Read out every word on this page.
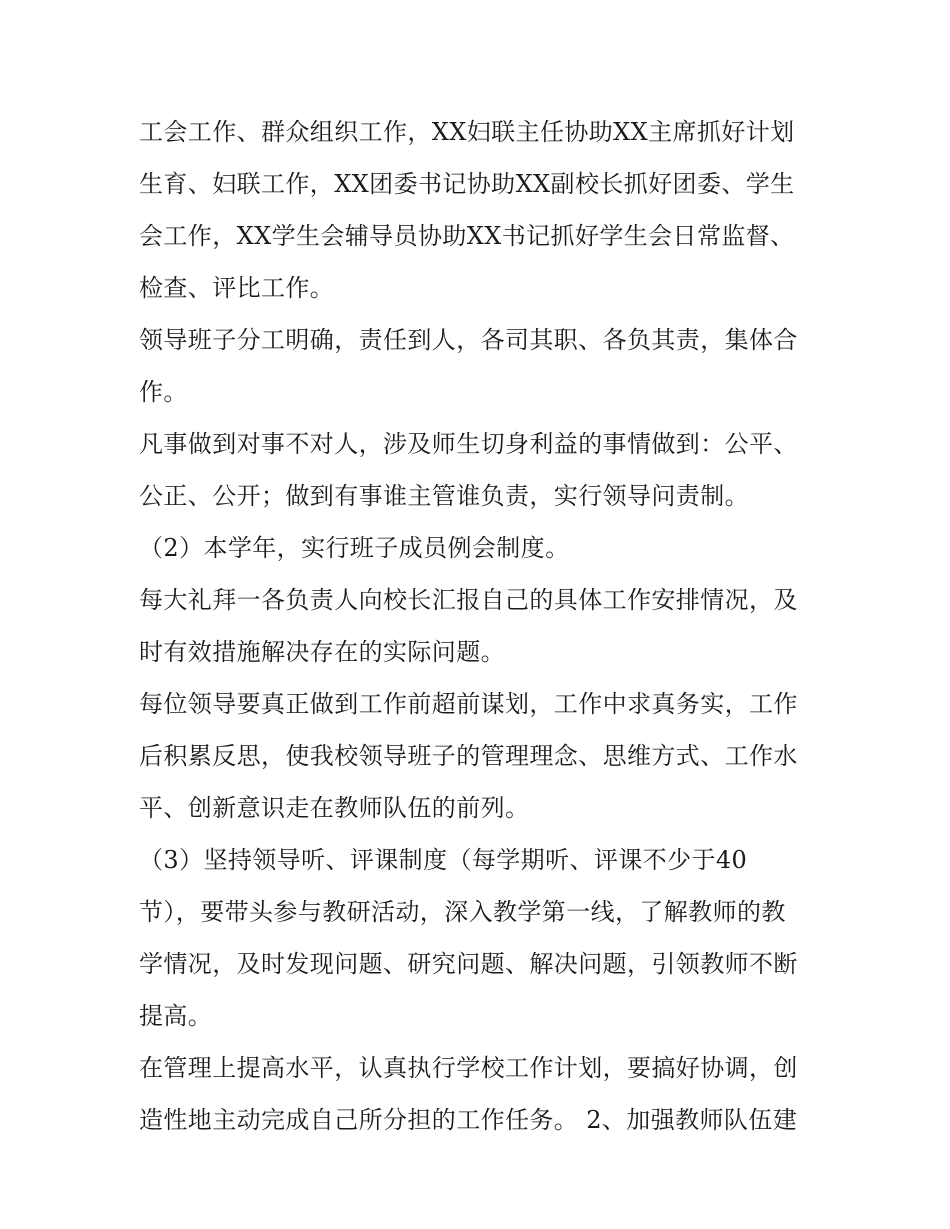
工会工作、群众组织工作，XX妇联主任协助XX主席抓好计划
生育、妇联工作，XX团委书记协助XX副校长抓好团委、学生
会工作，XX学生会辅导员协助XX书记抓好学生会日常监督、
检查、评比工作。
领导班子分工明确，责任到人，各司其职、各负其责，集体合
作。
凡事做到对事不对人，涉及师生切身利益的事情做到：公平、
公正、公开；做到有事谁主管谁负责，实行领导问责制。
（2）本学年，实行班子成员例会制度。
每大礼拜一各负责人向校长汇报自己的具体工作安排情况，及
时有效措施解决存在的实际问题。
每位领导要真正做到工作前超前谋划，工作中求真务实，工作
后积累反思，使我校领导班子的管理理念、思维方式、工作水
平、创新意识走在教师队伍的前列。
（3）坚持领导听、评课制度（每学期听、评课不少于40
节），要带头参与教研活动，深入教学第一线，了解教师的教
学情况，及时发现问题、研究问题、解决问题，引领教师不断
提高。
在管理上提高水平，认真执行学校工作计划，要搞好协调，创
造性地主动完成自己所分担的工作任务。 2、加强教师队伍建
